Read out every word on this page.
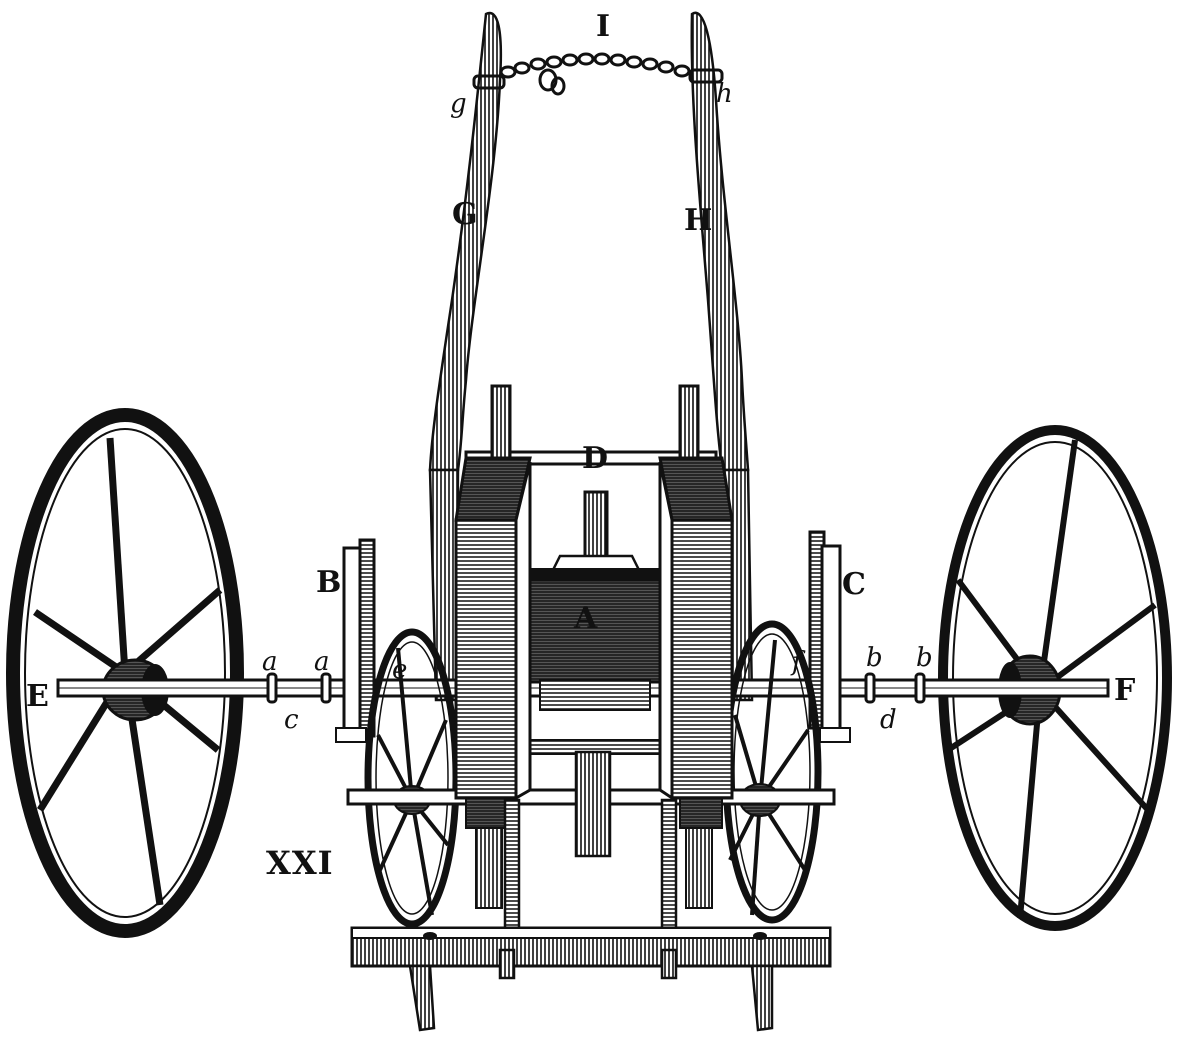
I
g	h
G	H
D
A
B	C
E	F
a a	b b
c	d
e	f
XXI
